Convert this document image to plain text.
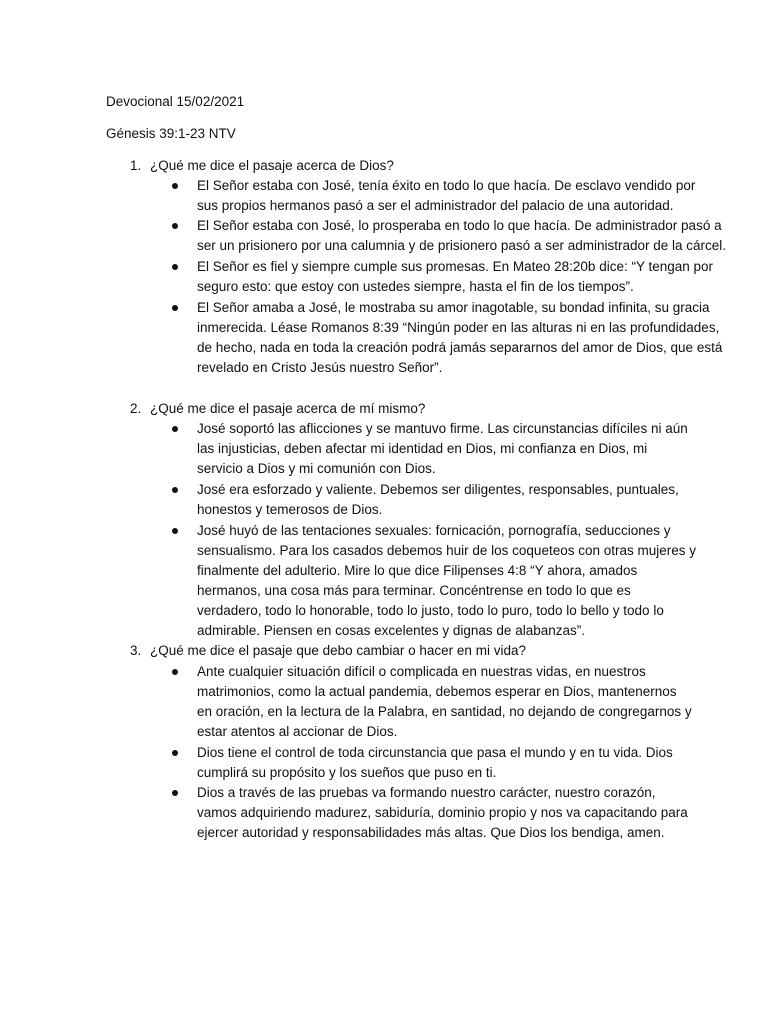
Devocional 15/02/2021
Génesis 39:1-23 NTV
1. ¿Qué me dice el pasaje acerca de Dios?
El Señor estaba con José, tenía éxito en todo lo que hacía. De esclavo vendido por
sus propios hermanos pasó a ser el administrador del palacio de una autoridad.
El Señor estaba con José, lo prosperaba en todo lo que hacía. De administrador pasó a
ser un prisionero por una calumnia y de prisionero pasó a ser administrador de la cárcel.
El Señor es fiel y siempre cumple sus promesas. En Mateo 28:20b dice: “Y tengan por
seguro esto: que estoy con ustedes siempre, hasta el fin de los tiempos”.
El Señor amaba a José, le mostraba su amor inagotable, su bondad infinita, su gracia
inmerecida. Léase Romanos 8:39 “Ningún poder en las alturas ni en las profundidades,
de hecho, nada en toda la creación podrá jamás separarnos del amor de Dios, que está
revelado en Cristo Jesús nuestro Señor”.
2. ¿Qué me dice el pasaje acerca de mí mismo?
José soportó las aflicciones y se mantuvo firme. Las circunstancias difíciles ni aún
las injusticias, deben afectar mi identidad en Dios, mi confianza en Dios, mi
servicio a Dios y mi comunión con Dios.
José era esforzado y valiente. Debemos ser diligentes, responsables, puntuales,
honestos y temerosos de Dios.
José huyó de las tentaciones sexuales: fornicación, pornografía, seducciones y
sensualismo. Para los casados debemos huir de los coqueteos con otras mujeres y
finalmente del adulterio. Mire lo que dice Filipenses 4:8 “Y ahora, amados
hermanos, una cosa más para terminar. Concéntrense en todo lo que es
verdadero, todo lo honorable, todo lo justo, todo lo puro, todo lo bello y todo lo
admirable. Piensen en cosas excelentes y dignas de alabanzas”.
3. ¿Qué me dice el pasaje que debo cambiar o hacer en mi vida?
Ante cualquier situación difícil o complicada en nuestras vidas, en nuestros
matrimonios, como la actual pandemia, debemos esperar en Dios, mantenernos
en oración, en la lectura de la Palabra, en santidad, no dejando de congregarnos y
estar atentos al accionar de Dios.
Dios tiene el control de toda circunstancia que pasa el mundo y en tu vida. Dios
cumplirá su propósito y los sueños que puso en ti.
Dios a través de las pruebas va formando nuestro carácter, nuestro corazón,
vamos adquiriendo madurez, sabiduría, dominio propio y nos va capacitando para
ejercer autoridad y responsabilidades más altas. Que Dios los bendiga, amen.
